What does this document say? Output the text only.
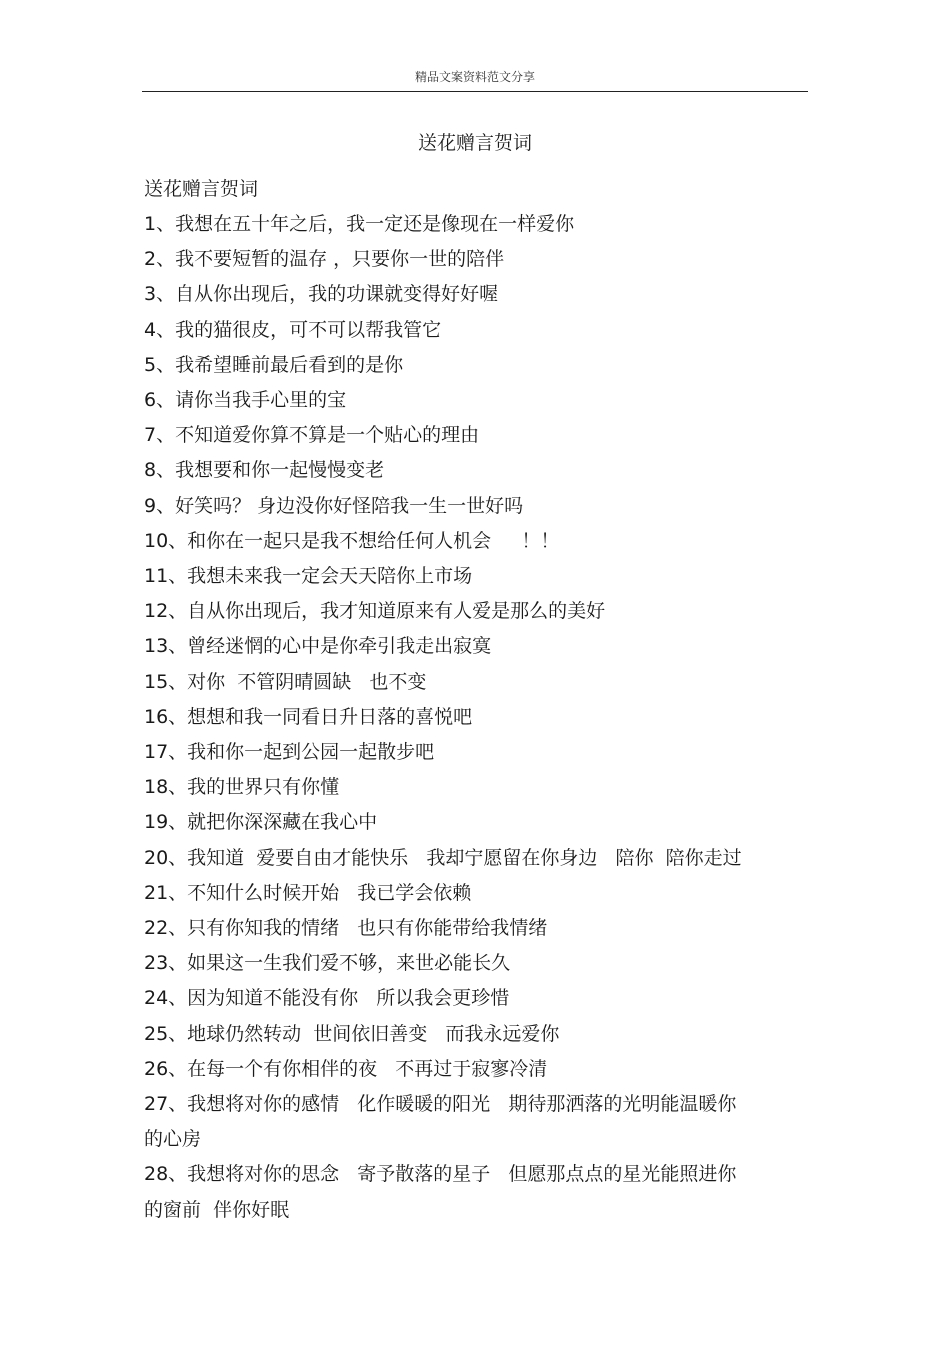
精品文案资料范文分享
送花赠言贺词
送花赠言贺词
1、我想在五十年之后，我一定还是像现在一样爱你
2、我不要短暂的温存 ，只要你一世的陪伴
3、自从你出现后，我的功课就变得好好喔
4、我的猫很皮，可不可以帮我管它
5、我希望睡前最后看到的是你
6、请你当我手心里的宝
7、不知道爱你算不算是一个贴心的理由
8、我想要和你一起慢慢变老
9、好笑吗？ 身边没你好怪陪我一生一世好吗
10、和你在一起只是我不想给任何人机会     ！！
11、我想未来我一定会天天陪你上市场
12、自从你出现后，我才知道原来有人爱是那么的美好
13、曾经迷惘的心中是你牵引我走出寂寞
15、对你  不管阴晴圆缺   也不变
16、想想和我一同看日升日落的喜悦吧
17、我和你一起到公园一起散步吧
18、我的世界只有你懂
19、就把你深深藏在我心中
20、我知道  爱要自由才能快乐   我却宁愿留在你身边   陪你  陪你走过
21、不知什么时候开始   我已学会依赖
22、只有你知我的情绪   也只有你能带给我情绪
23、如果这一生我们爱不够，来世必能长久
24、因为知道不能没有你   所以我会更珍惜
25、地球仍然转动  世间依旧善变   而我永远爱你
26、在每一个有你相伴的夜   不再过于寂寥冷清
27、我想将对你的感情   化作暖暖的阳光   期待那洒落的光明能温暖你
的心房
28、我想将对你的思念   寄予散落的星子   但愿那点点的星光能照进你
的窗前  伴你好眠
